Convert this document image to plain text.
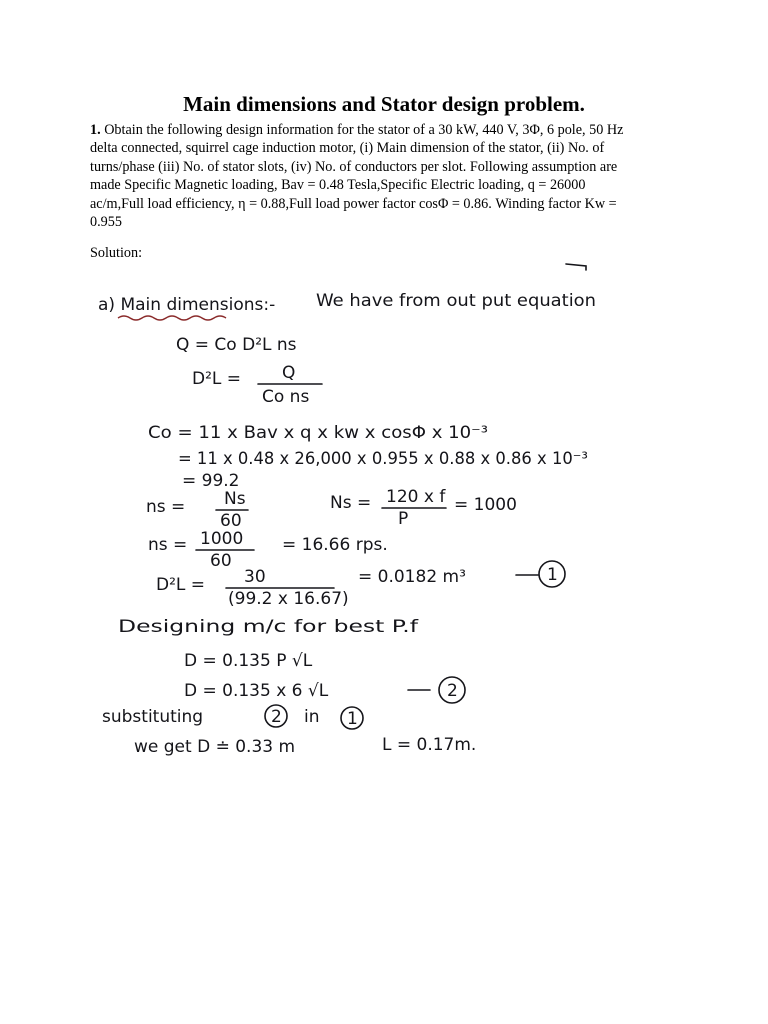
Main dimensions and Stator design problem.
1. Obtain the following design information for the stator of a 30 kW, 440 V, 3Φ, 6 pole, 50 Hz delta connected, squirrel cage induction motor, (i) Main dimension of the stator, (ii) No. of turns/phase (iii) No. of stator slots, (iv) No. of conductors per slot. Following assumption are made Specific Magnetic loading, Bav = 0.48 Tesla,Specific Electric loading, q = 26000 ac/m,Full load efficiency, η = 0.88,Full load power factor cosΦ = 0.86. Winding factor Kw = 0.955
Solution:
a) Main dimensions:- We have from out put equation
Q = Co D²L ns
D²L = Q
Co ns
Co = 11 x Bav x q x kw x cosΦ x 10⁻³
= 11 x 0.48 x 26,000 x 0.955 x 0.88 x 0.86 x 10⁻³
= 99.2
ns = Ns
60
Ns = 120 x f
P
= 1000
ns = 1000
60
= 16.66 rps.
D²L = 30
(99.2 x 16.67)
= 0.0182 m³	1
Designing m/c for best P.f
D = 0.135 P √L
D = 0.135 x 6 √L	2
substituting	2 in 1
we get D ≐ 0.33 m	L = 0.17m.
